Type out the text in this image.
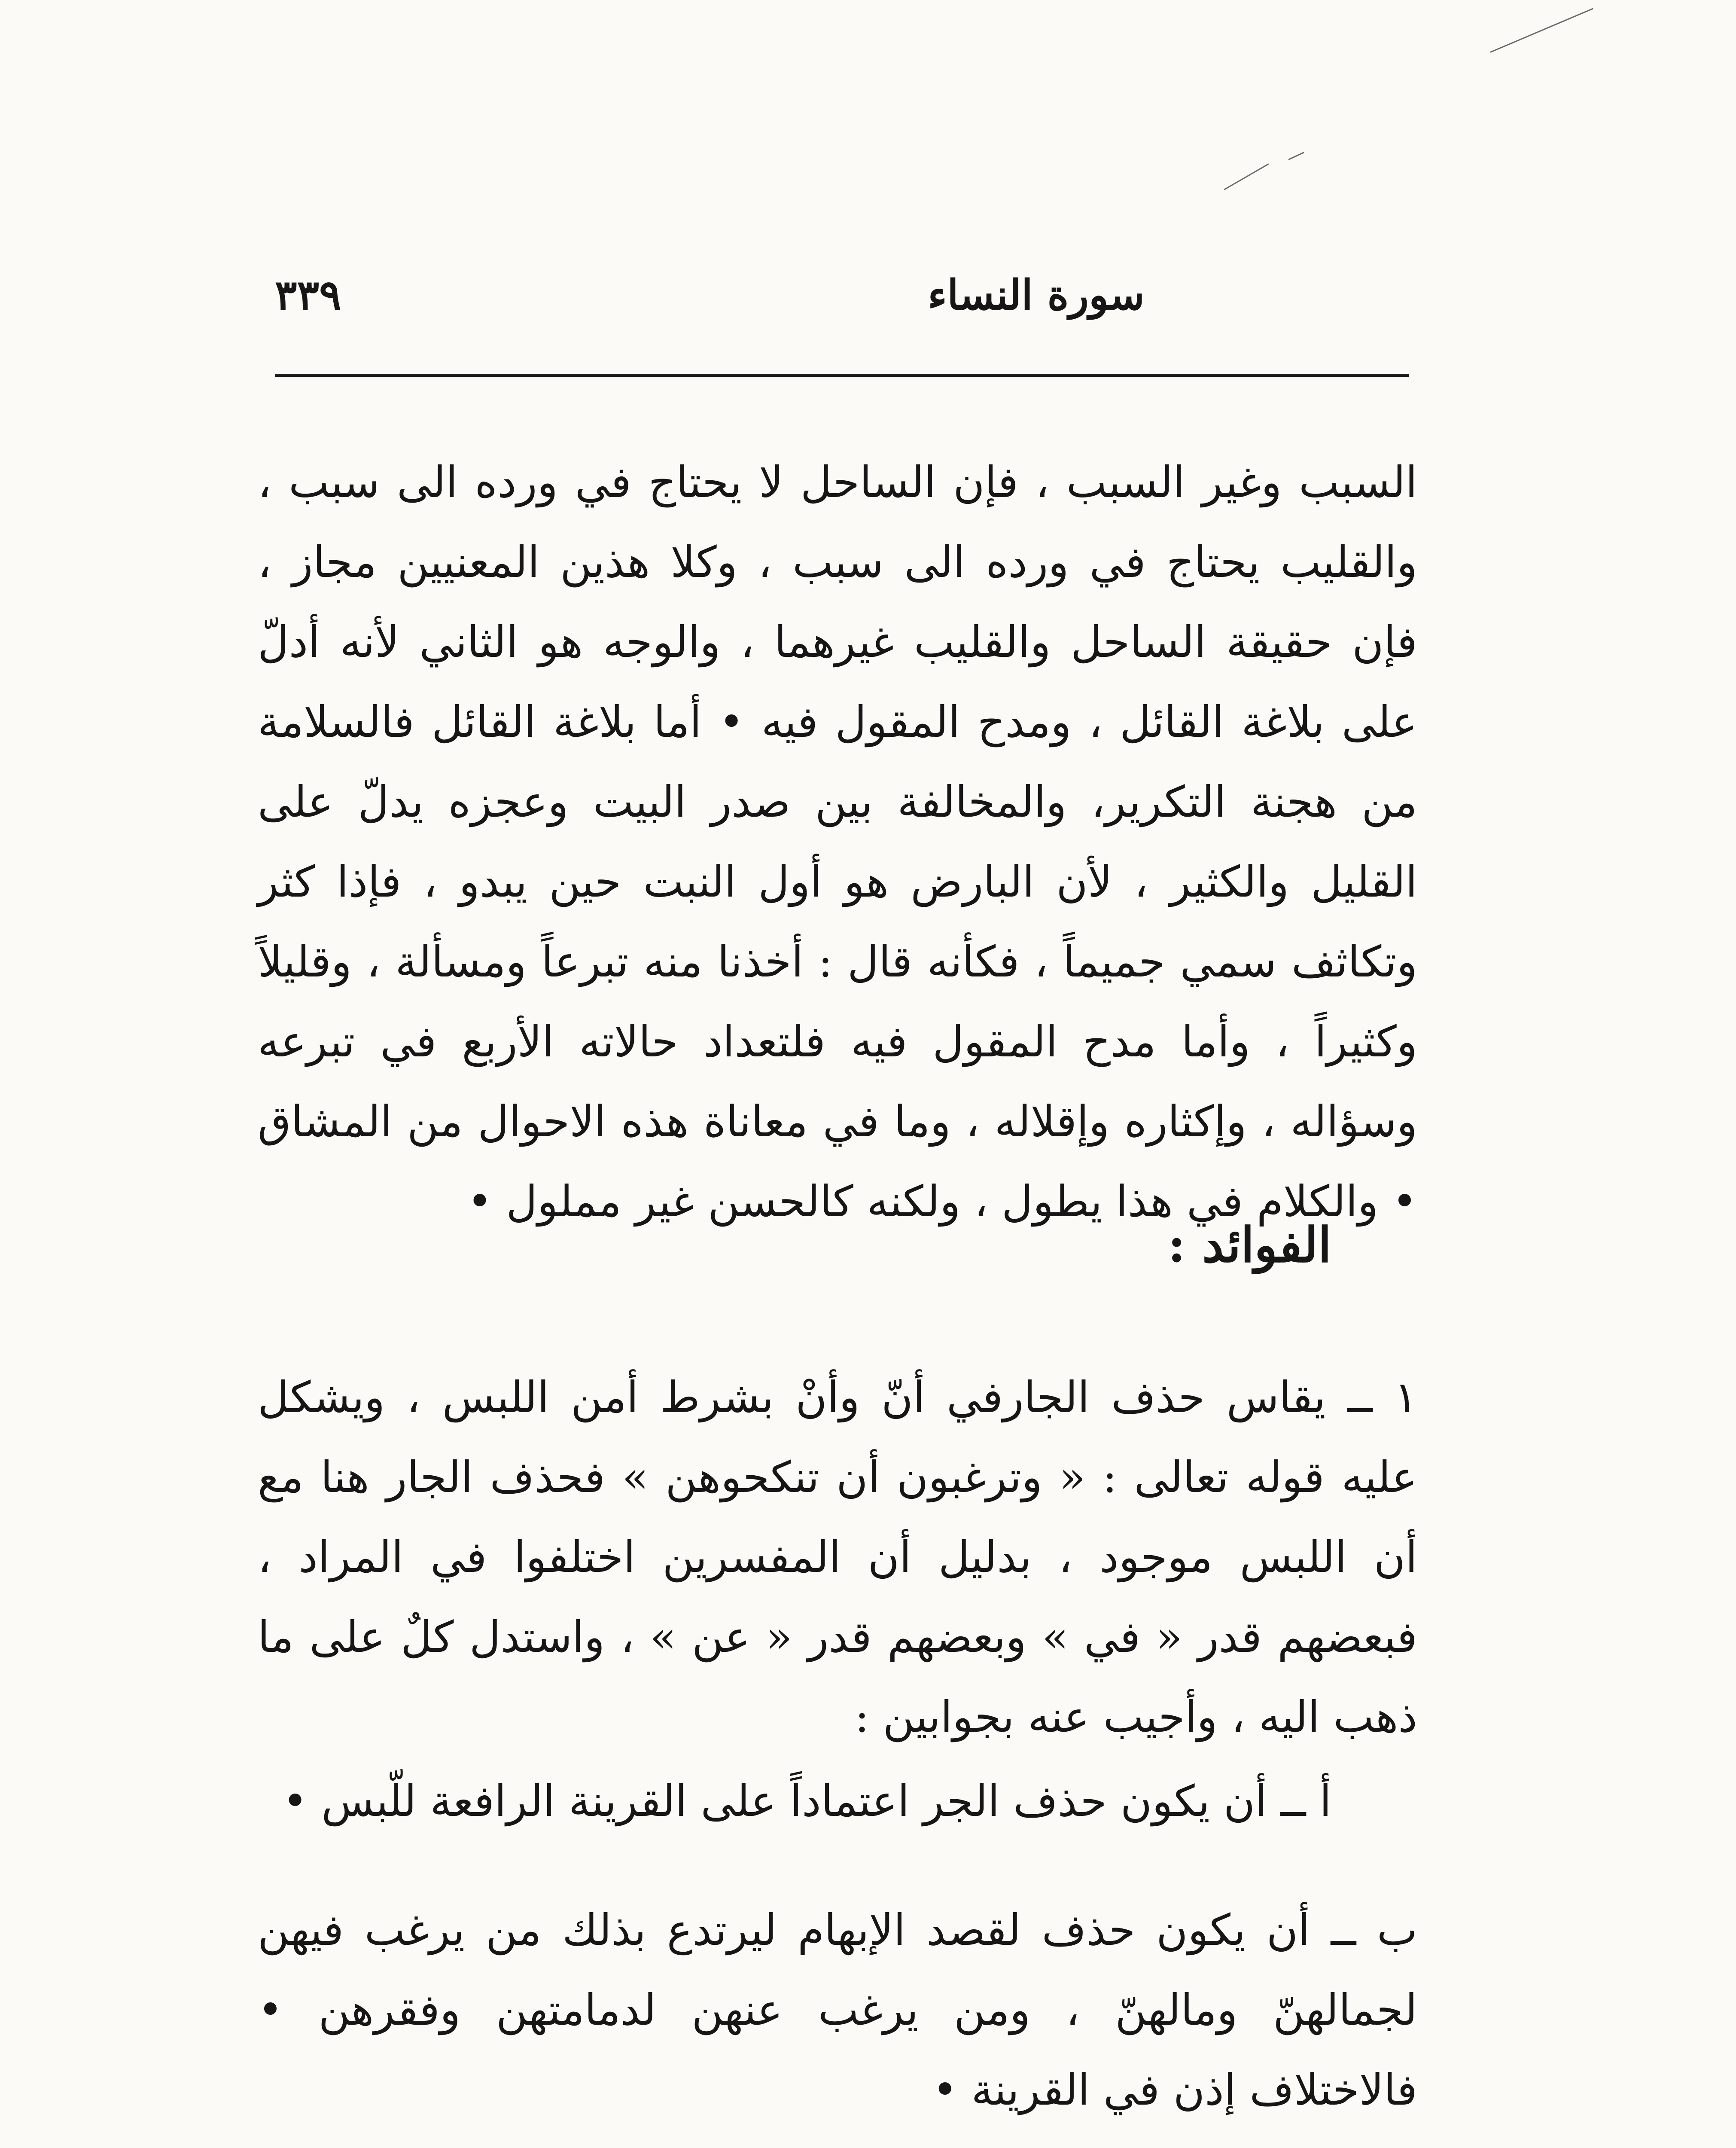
٣٣٩	سورة النساء

السبب وغير السبب ، فإن الساحل لا يحتاج في ورده الى سبب ، والقليب يحتاج في ورده الى سبب ، وكلا هذين المعنيين مجاز ، فإن حقيقة الساحل والقليب غيرهما ، والوجه هو الثاني لأنه أدلّ على بلاغة القائل ، ومدح المقول فيه • أما بلاغة القائل فالسلامة من هجنة التكرير، والمخالفة بين صدر البيت وعجزه يدلّ على القليل والكثير ، لأن البارض هو أول النبت حين يبدو ، فإذا كثر وتكاثف سمي جميماً ، فكأنه قال : أخذنا منه تبرعاً ومسألة ، وقليلاً وكثيراً ، وأما مدح المقول فيه فلتعداد حالاته الأربع في تبرعه وسؤاله ، وإكثاره وإقلاله ، وما في معاناة هذه الاحوال من المشاق • والكلام في هذا يطول ، ولكنه كالحسن غير مملول •

الفوائد :

١ ــ يقاس حذف الجارفي أنّ وأنْ بشرط أمن اللبس ، ويشكل عليه قوله تعالى : « وترغبون أن تنكحوهن » فحذف الجار هنا مع أن اللبس موجود ، بدليل أن المفسرين اختلفوا في المراد ، فبعضهم قدر « في » وبعضهم قدر « عن » ، واستدل كلٌ على ما ذهب اليه ، وأجيب عنه بجوابين :

أ ــ أن يكون حذف الجر اعتماداً على القرينة الرافعة للّبس •

ب ــ أن يكون حذف لقصد الإبهام ليرتدع بذلك من يرغب فيهن لجمالهنّ ومالهنّ ، ومن يرغب عنهن لدمامتهن وفقرهن • فالاختلاف إذن في القرينة •
